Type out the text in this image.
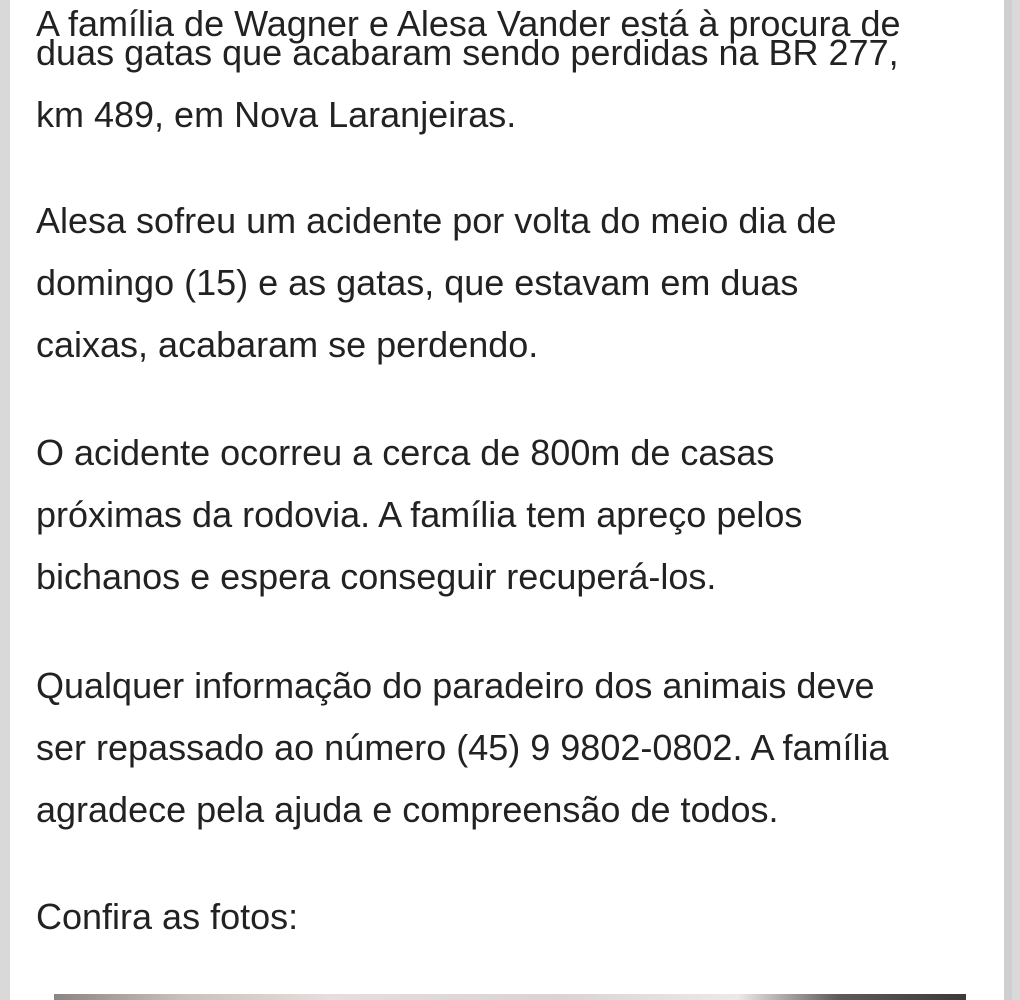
A família de Wagner e Alesa Vander está à procura de
duas gatas que acabaram sendo perdidas na BR 277,
km 489, em Nova Laranjeiras.
Alesa sofreu um acidente por volta do meio dia de
domingo (15) e as gatas, que estavam em duas
caixas, acabaram se perdendo.
O acidente ocorreu a cerca de 800m de casas
próximas da rodovia. A família tem apreço pelos
bichanos e espera conseguir recuperá-los.
Qualquer informação do paradeiro dos animais deve
ser repassado ao número (45) 9 9802-0802. A família
agradece pela ajuda e compreensão de todos.
Confira as fotos:
